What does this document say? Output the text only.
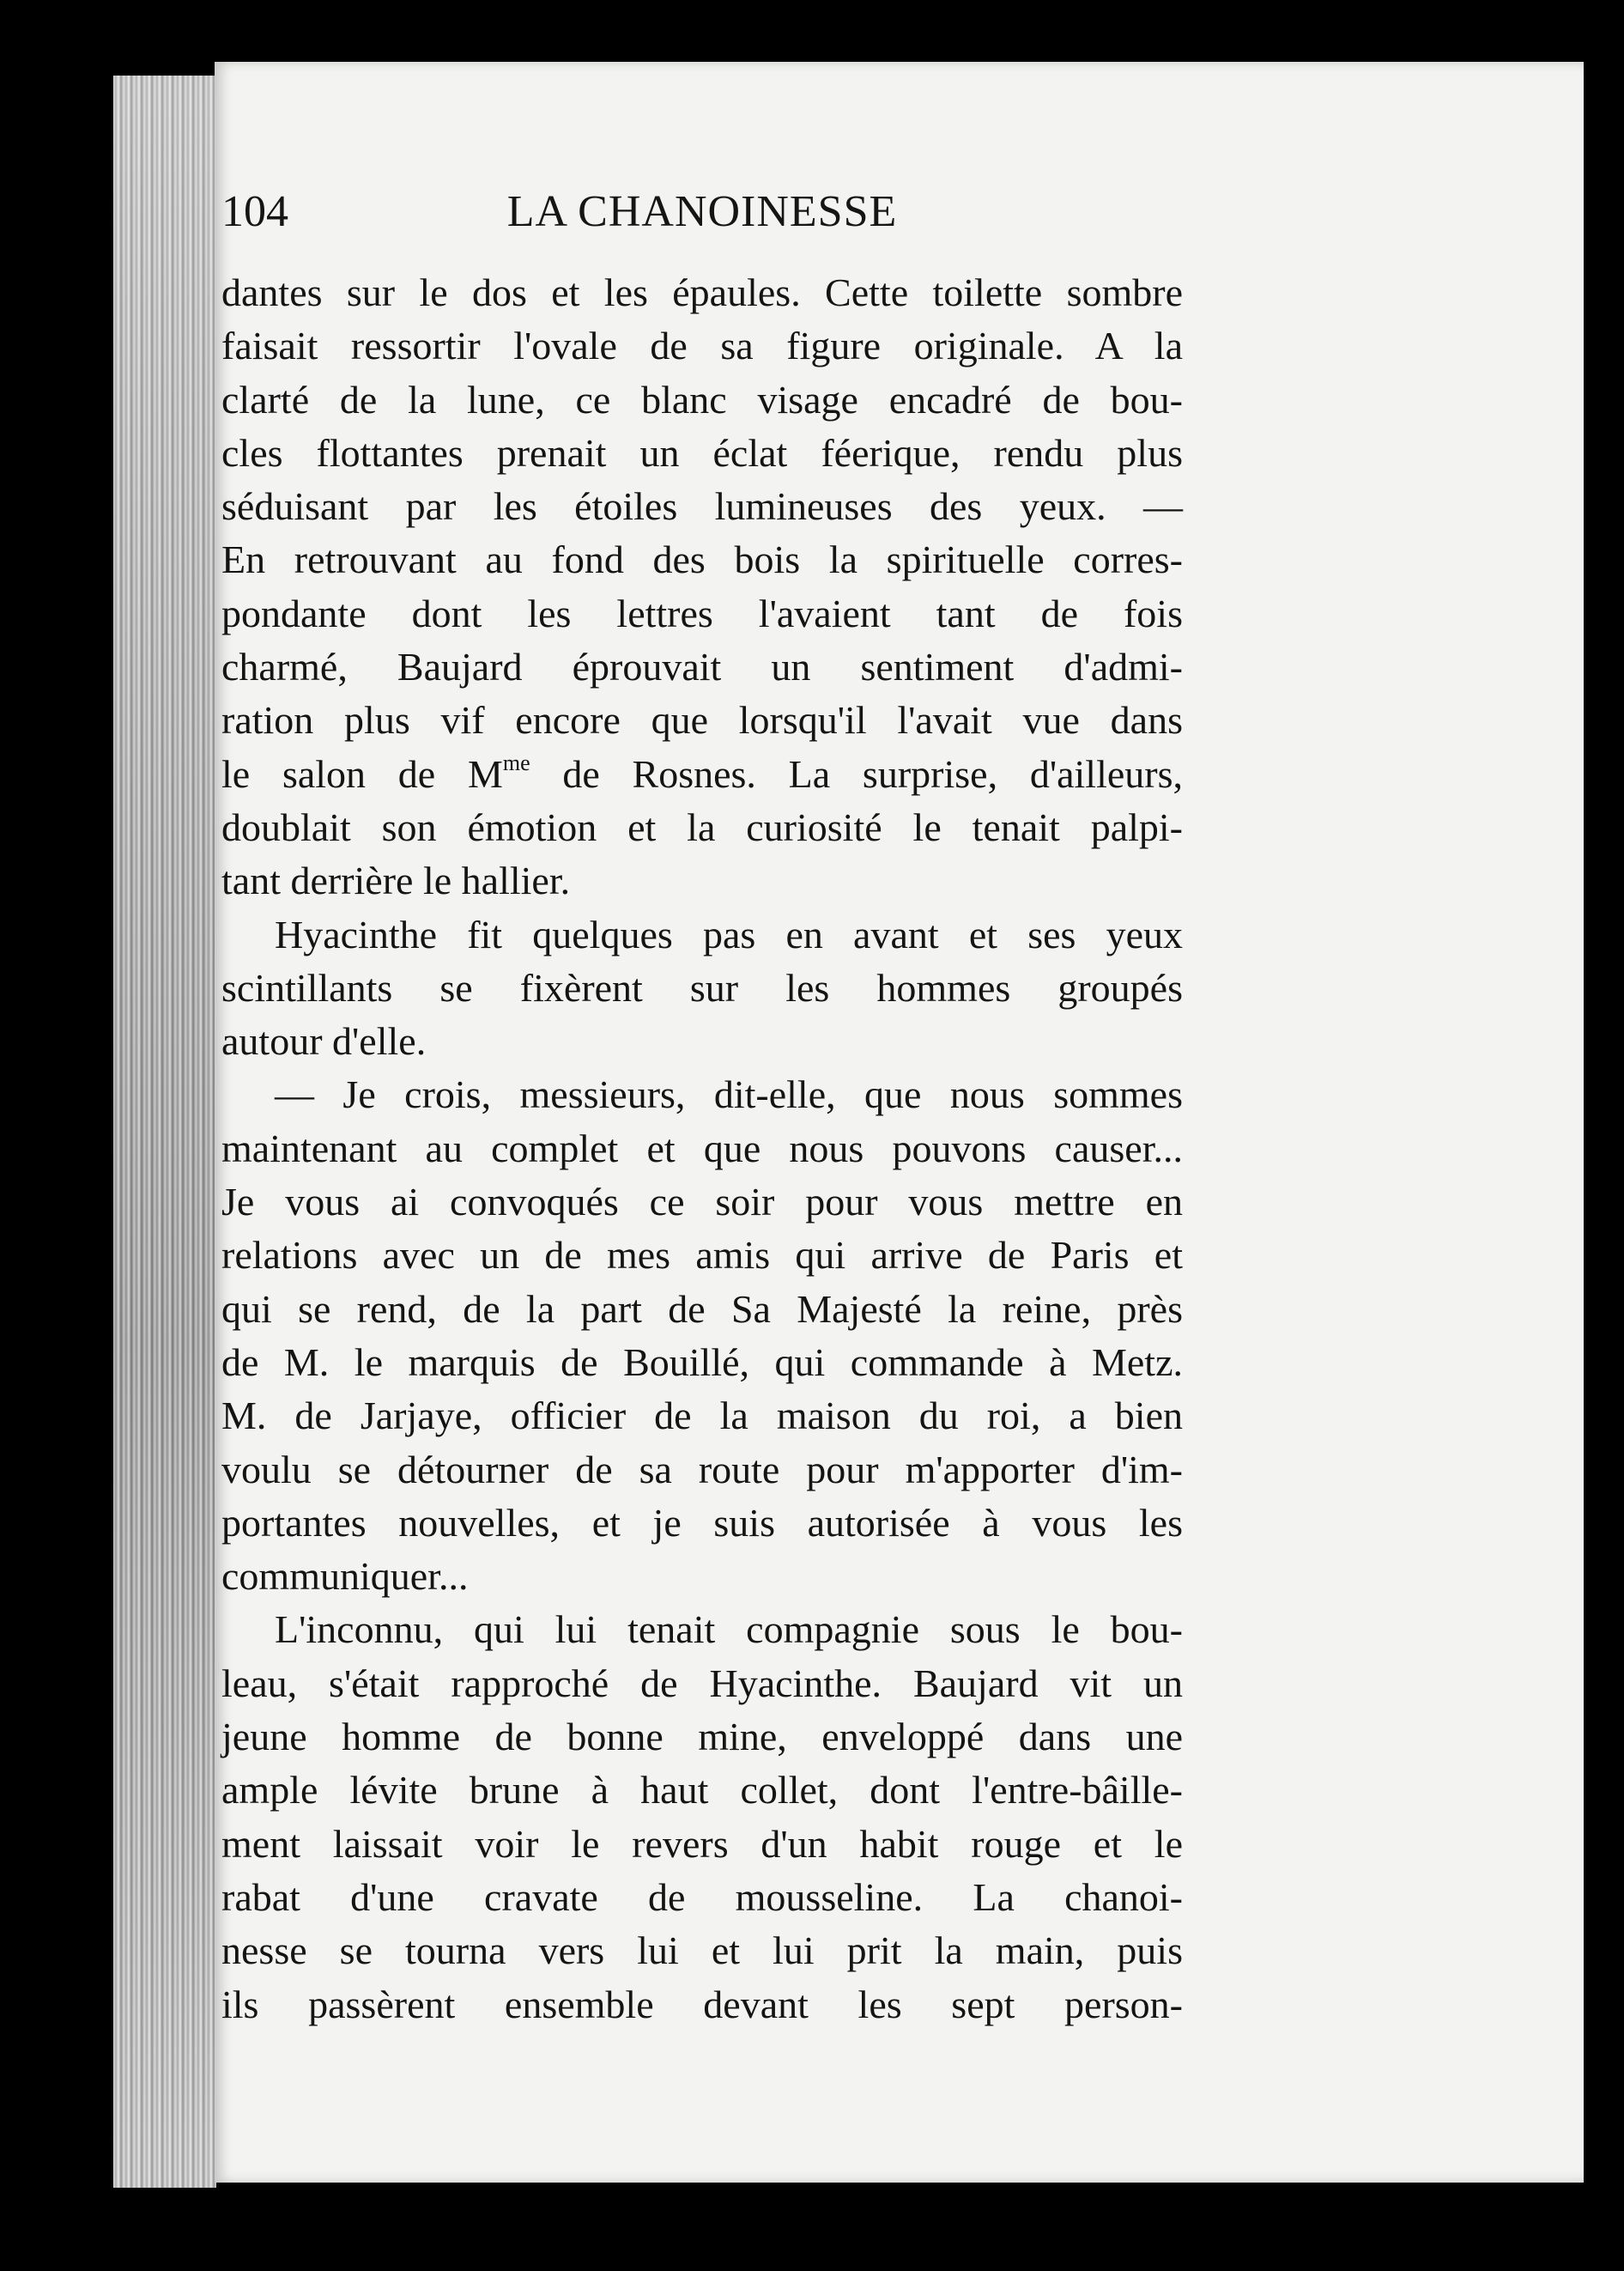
104	LA CHANOINESSE

dantes sur le dos et les épaules. Cette toilette sombre
faisait ressortir l'ovale de sa figure originale. A la
clarté de la lune, ce blanc visage encadré de bou-
cles flottantes prenait un éclat féerique, rendu plus
séduisant par les étoiles lumineuses des yeux. —
En retrouvant au fond des bois la spirituelle corres-
pondante dont les lettres l'avaient tant de fois
charmé, Baujard éprouvait un sentiment d'admi-
ration plus vif encore que lorsqu'il l'avait vue dans
le salon de $M^{me}$ de Rosnes. La surprise, d'ailleurs,
doublait son émotion et la curiosité le tenait palpi-
tant derrière le hallier.

Hyacinthe fit quelques pas en avant et ses yeux
scintillants se fixèrent sur les hommes groupés
autour d'elle.

— Je crois, messieurs, dit-elle, que nous sommes
maintenant au complet et que nous pouvons causer...
Je vous ai convoqués ce soir pour vous mettre en
relations avec un de mes amis qui arrive de Paris et
qui se rend, de la part de Sa Majesté la reine, près
de M. le marquis de Bouillé, qui commande à Metz.
M. de Jarjaye, officier de la maison du roi, a bien
voulu se détourner de sa route pour m'apporter d'im-
portantes nouvelles, et je suis autorisée à vous les
communiquer...

L'inconnu, qui lui tenait compagnie sous le bou-
leau, s'était rapproché de Hyacinthe. Baujard vit un
jeune homme de bonne mine, enveloppé dans une
ample lévite brune à haut collet, dont l'entre-bâille-
ment laissait voir le revers d'un habit rouge et le
rabat d'une cravate de mousseline. La chanoi-
nesse se tourna vers lui et lui prit la main, puis
ils passèrent ensemble devant les sept person-
